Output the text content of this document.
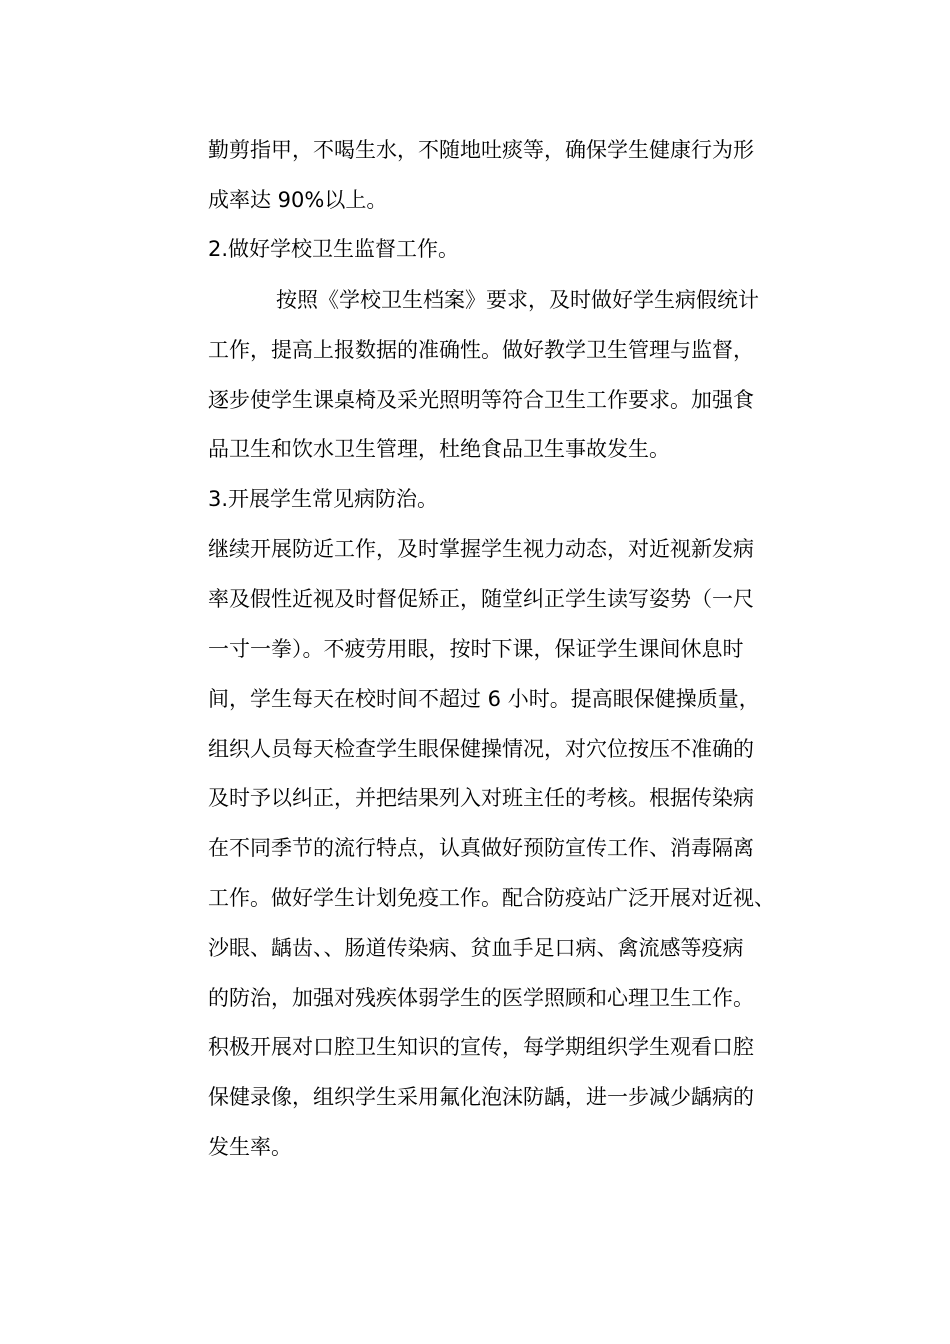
勤剪指甲，不喝生水，不随地吐痰等，确保学生健康行为形

成率达 90%以上。

2.做好学校卫生监督工作。

按照《学校卫生档案》要求，及时做好学生病假统计

工作，提高上报数据的准确性。做好教学卫生管理与监督，

逐步使学生课桌椅及采光照明等符合卫生工作要求。加强食

品卫生和饮水卫生管理，杜绝食品卫生事故发生。

3.开展学生常见病防治。

继续开展防近工作，及时掌握学生视力动态，对近视新发病

率及假性近视及时督促矫正，随堂纠正学生读写姿势（一尺

一寸一拳）。不疲劳用眼，按时下课，保证学生课间休息时

间，学生每天在校时间不超过 6 小时。提高眼保健操质量，

组织人员每天检查学生眼保健操情况，对穴位按压不准确的

及时予以纠正，并把结果列入对班主任的考核。根据传染病

在不同季节的流行特点，认真做好预防宣传工作、消毒隔离

工作。做好学生计划免疫工作。配合防疫站广泛开展对近视、

沙眼、龋齿、、肠道传染病、贫血手足口病、禽流感等疫病

的防治，加强对残疾体弱学生的医学照顾和心理卫生工作。

积极开展对口腔卫生知识的宣传，每学期组织学生观看口腔

保健录像，组织学生采用氟化泡沫防龋，进一步减少龋病的

发生率。
